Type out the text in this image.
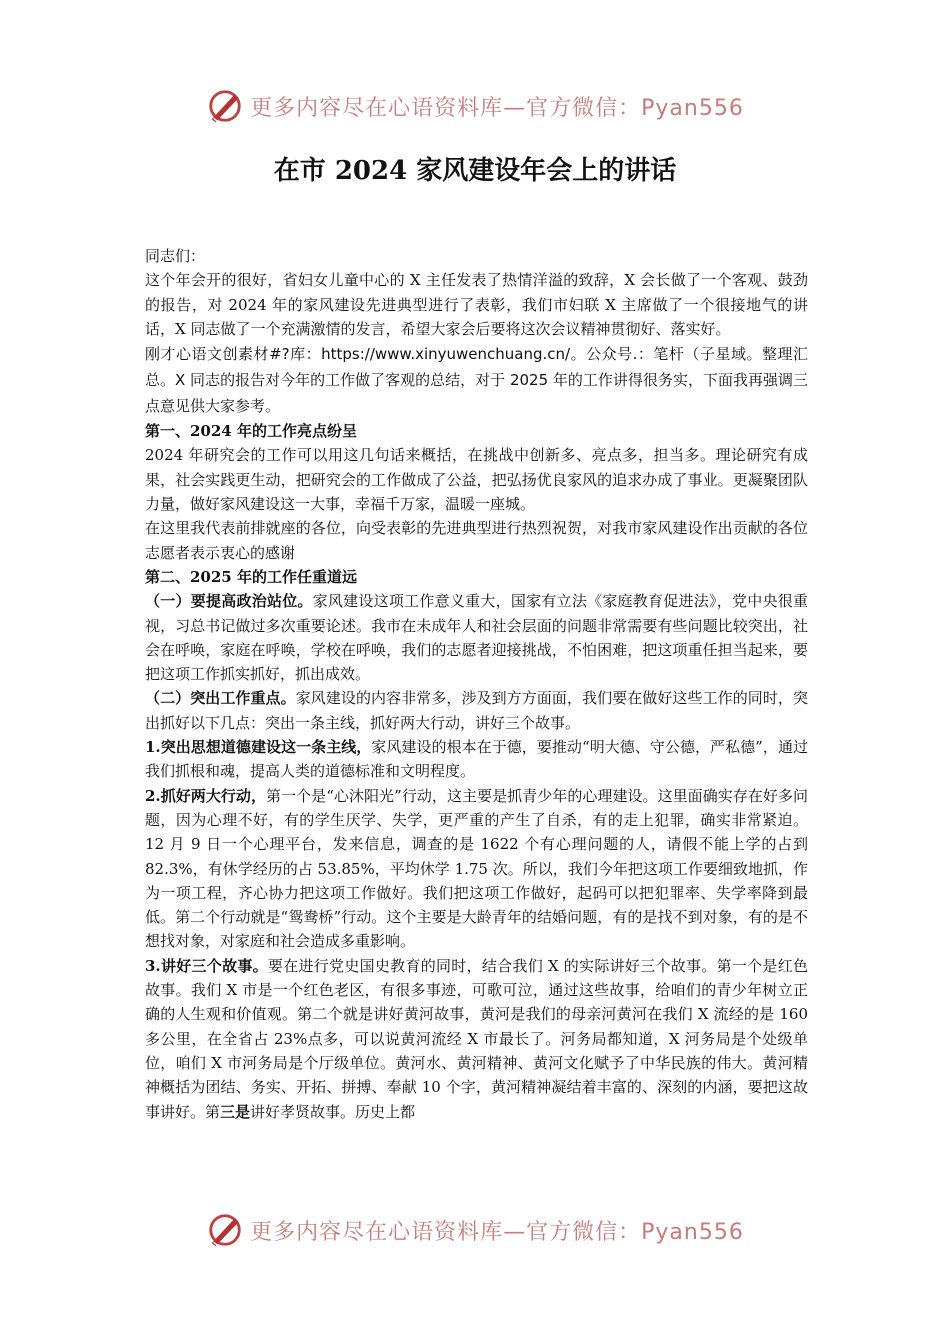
更多内容尽在心语资料库—官方微信：Pyan556
在市 2024 家风建设年会上的讲话

同志们：

这个年会开的很好，省妇女儿童中心的 X 主任发表了热情洋溢的致辞，X 会长做了一个客观、鼓劲的报告，对 2024 年的家风建设先进典型进行了表彰，我们市妇联 X 主席做了一个很接地气的讲话，X 同志做了一个充满激情的发言，希望大家会后要将这次会议精神贯彻好、落实好。

刚才心语文创素材#?库：https://www.xinyuwenchuang.cn/。公众号.：笔杆（子星域。整理汇总。X 同志的报告对今年的工作做了客观的总结，对于 2025 年的工作讲得很务实，下面我再强调三点意见供大家参考。

第一、2024 年的工作亮点纷呈

2024 年研究会的工作可以用这几句话来概括，在挑战中创新多、亮点多，担当多。理论研究有成果，社会实践更生动，把研究会的工作做成了公益，把弘扬优良家风的追求办成了事业。更凝聚团队力量，做好家风建设这一大事，幸福千万家，温暖一座城。

在这里我代表前排就座的各位，向受表彰的先进典型进行热烈祝贺，对我市家风建设作出贡献的各位志愿者表示衷心的感谢

第二、2025 年的工作任重道远

（一）要提高政治站位。家风建设这项工作意义重大，国家有立法《家庭教育促进法》，党中央很重视，习总书记做过多次重要论述。我市在未成年人和社会层面的问题非常需要有些问题比较突出，社会在呼唤，家庭在呼唤，学校在呼唤，我们的志愿者迎接挑战，不怕困难，把这项重任担当起来，要把这项工作抓实抓好，抓出成效。

（二）突出工作重点。家风建设的内容非常多，涉及到方方面面，我们要在做好这些工作的同时，突出抓好以下几点：突出一条主线，抓好两大行动，讲好三个故事。

1.突出思想道德建设这一条主线，家风建设的根本在于德，要推动“明大德、守公德，严私德”，通过我们抓根和魂，提高人类的道德标准和文明程度。

2.抓好两大行动，第一个是“心沐阳光”行动，这主要是抓青少年的心理建设。这里面确实存在好多问题，因为心理不好，有的学生厌学、失学，更严重的产生了自杀，有的走上犯罪，确实非常紧迫。12 月 9 日一个心理平台，发来信息，调查的是 1622 个有心理问题的人，请假不能上学的占到 82.3%，有休学经历的占 53.85%，平均休学 1.75 次。所以，我们今年把这项工作要细致地抓，作为一项工程，齐心协力把这项工作做好。我们把这项工作做好，起码可以把犯罪率、失学率降到最低。第二个行动就是“鸳鸯桥”行动。这个主要是大龄青年的结婚问题，有的是找不到对象，有的是不想找对象，对家庭和社会造成多重影响。

3.讲好三个故事。要在进行党史国史教育的同时，结合我们 X 的实际讲好三个故事。第一个是红色故事。我们 X 市是一个红色老区，有很多事迹，可歌可泣，通过这些故事，给咱们的青少年树立正确的人生观和价值观。第二个就是讲好黄河故事，黄河是我们的母亲河黄河在我们 X 流经的是 160 多公里，在全省占 23%点多，可以说黄河流经 X 市最长了。河务局都知道，X 河务局是个处级单位，咱们 X 市河务局是个厅级单位。黄河水、黄河精神、黄河文化赋予了中华民族的伟大。黄河精神概括为团结、务实、开拓、拼搏、奉献 10 个字，黄河精神凝结着丰富的、深刻的内涵，要把这故事讲好。第三是讲好孝贤故事。历史上都

更多内容尽在心语资料库—官方微信：Pyan556
